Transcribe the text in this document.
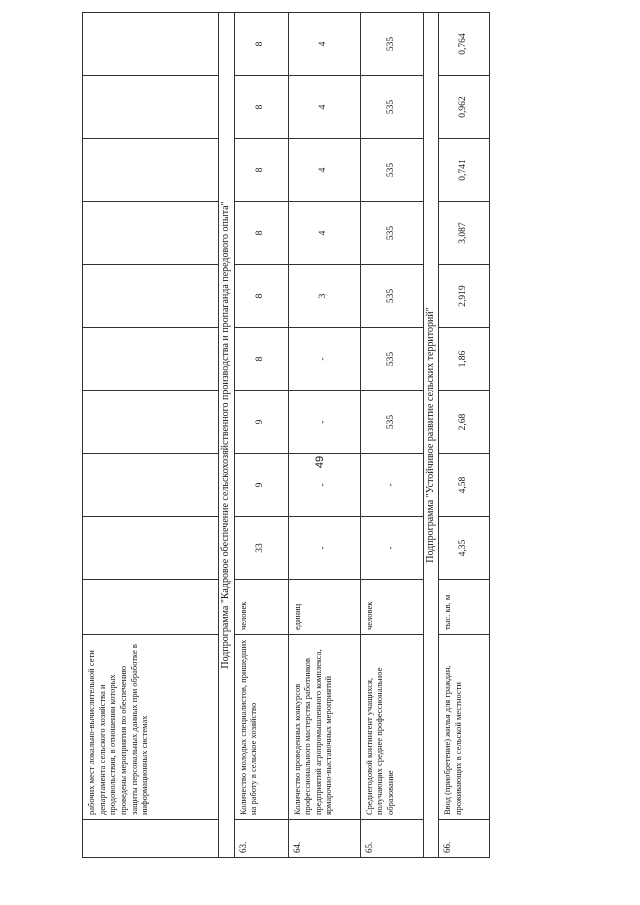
49
	рабочих мест локально-вычислительной сети департамента сельского хозяйства и продовольствия, в отношении которых проведены мероприятия по обеспечению защиты персональных данных при обработке в информационных системах										
Подпрограмма "Кадровое обеспечение сельскохозяйственного производства и пропаганда передового опыта"											
63.	Количество молодых специалистов, пришедших на работу в сельское хозяйство	человек	33	9	9	8	8	8	8	8	8
64.	Количество проведенных конкурсов профессионального мастерства работников предприятий агропромышленного комплекса, ярмарочно-выставочных мероприятий	единиц	-	-	-	-	3	4	4	4	4
65.	Среднегодовой контингент учащихся, получающих среднее профессиональное образование	человек	-	-	535	535	535	535	535	535	535
Подпрограмма "Устойчивое развитие сельских территорий"											
66.	Ввод (приобретение) жилья для граждан, проживающих в сельской местности	тыс. кв. м	4,35	4,58	2,68	1,86	2,919	3,087	0,741	0,962	0,764
